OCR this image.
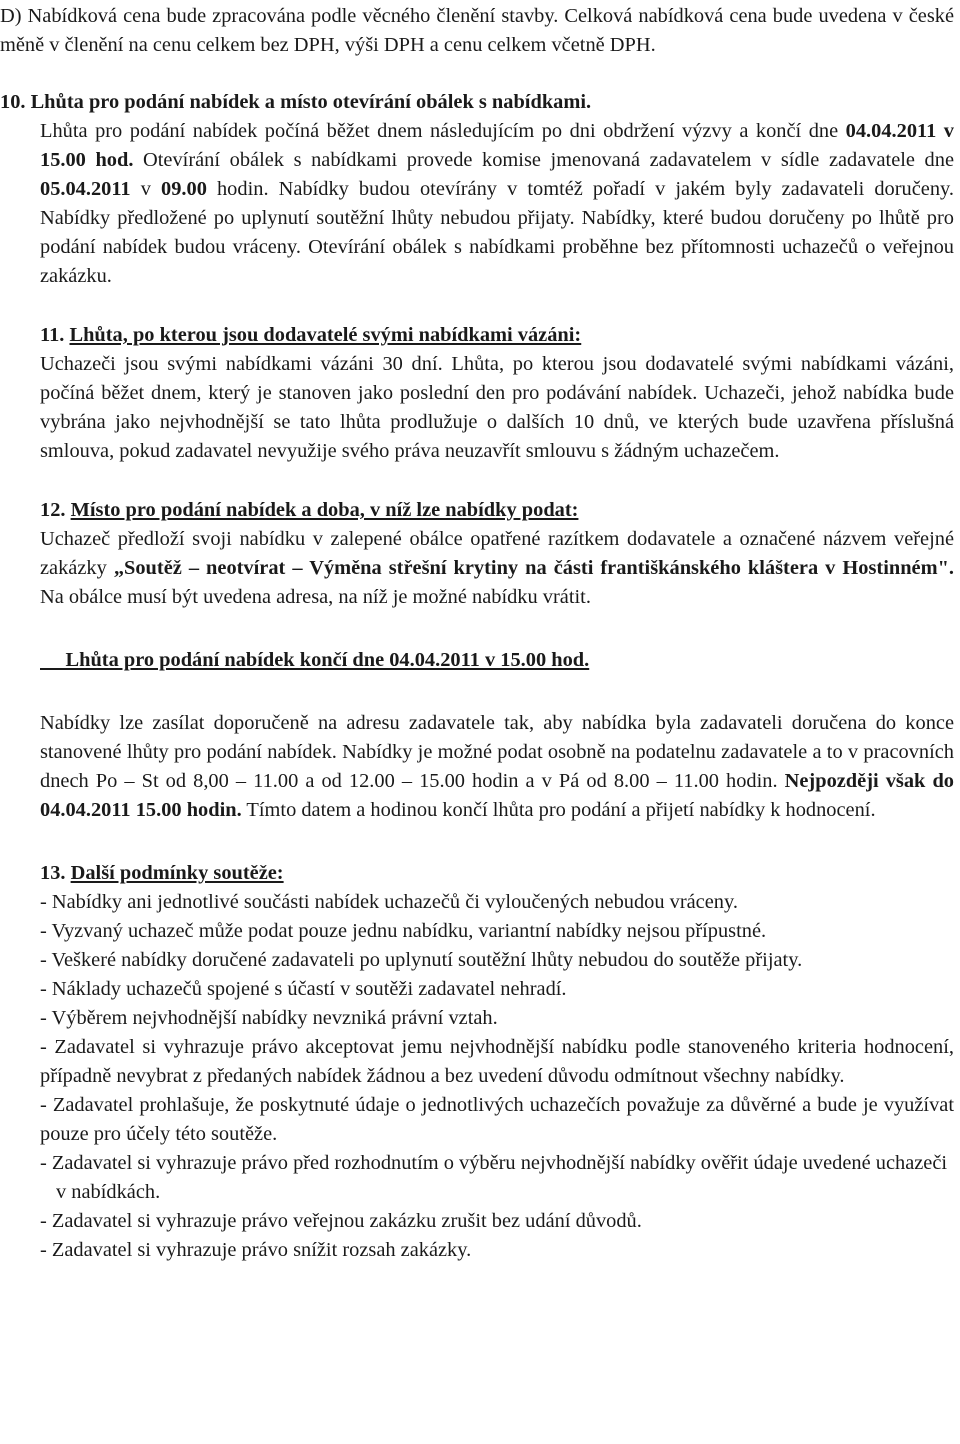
D) Nabídková cena bude zpracována podle věcného členění stavby. Celková nabídková cena bude uvedena v české měně v členění na cenu celkem bez DPH, výši DPH a cenu celkem včetně DPH.

10. Lhůta pro podání nabídek a místo otevírání obálek s nabídkami.

Lhůta pro podání nabídek počíná běžet dnem následujícím po dni obdržení výzvy a končí dne 04.04.2011 v 15.00 hod. Otevírání obálek s nabídkami provede komise jmenovaná zadavatelem v sídle zadavatele dne 05.04.2011 v 09.00 hodin. Nabídky budou otevírány v tomtéž pořadí v jakém byly zadavateli doručeny. Nabídky předložené po uplynutí soutěžní lhůty nebudou přijaty. Nabídky, které budou doručeny po lhůtě pro podání nabídek budou vráceny. Otevírání obálek s nabídkami proběhne bez přítomnosti uchazečů o veřejnou zakázku.

11. Lhůta, po kterou jsou dodavatelé svými nabídkami vázáni:

Uchazeči jsou svými nabídkami vázáni 30 dní. Lhůta, po kterou jsou dodavatelé svými nabídkami vázáni, počíná běžet dnem, který je stanoven jako poslední den pro podávání nabídek. Uchazeči, jehož nabídka bude vybrána jako nejvhodnější se tato lhůta prodlužuje o dalších 10 dnů, ve kterých bude uzavřena příslušná smlouva, pokud zadavatel nevyužije svého práva neuzavřít smlouvu s žádným uchazečem.

12. Místo pro podání nabídek a doba, v níž lze nabídky podat:

Uchazeč předloží svoji nabídku v zalepené obálce opatřené razítkem dodavatele a označené názvem veřejné zakázky „Soutěž – neotvírat – Výměna střešní krytiny na části františkánského kláštera v Hostinném". Na obálce musí být uvedena adresa, na níž je možné nabídku vrátit.

Lhůta pro podání nabídek končí dne 04.04.2011 v 15.00 hod.

Nabídky lze zasílat doporučeně na adresu zadavatele tak, aby nabídka byla zadavateli doručena do konce stanovené lhůty pro podání nabídek. Nabídky je možné podat osobně na podatelnu zadavatele a to v pracovních dnech Po – St od 8,00 – 11.00 a od 12.00 – 15.00 hodin a v Pá od 8.00 – 11.00 hodin. Nejpozději však do 04.04.2011 15.00 hodin. Tímto datem a hodinou končí lhůta pro podání a přijetí nabídky k hodnocení.

13. Další podmínky soutěže:

- Nabídky ani jednotlivé součásti nabídek uchazečů či vyloučených nebudou vráceny.
- Vyzvaný uchazeč může podat pouze jednu nabídku, variantní nabídky nejsou přípustné.
- Veškeré nabídky doručené zadavateli po uplynutí soutěžní lhůty nebudou do soutěže přijaty.
- Náklady uchazečů spojené s účastí v soutěži zadavatel nehradí.
- Výběrem nejvhodnější nabídky nevzniká právní vztah.
- Zadavatel si vyhrazuje právo akceptovat jemu nejvhodnější nabídku podle stanoveného kriteria hodnocení, případně nevybrat z předaných nabídek žádnou a bez uvedení důvodu odmítnout všechny nabídky.
- Zadavatel prohlašuje, že poskytnuté údaje o jednotlivých uchazečích považuje za důvěrné a bude je využívat pouze pro účely této soutěže.
- Zadavatel si vyhrazuje právo před rozhodnutím o výběru nejvhodnější nabídky ověřit údaje uvedené uchazeči v nabídkách.
- Zadavatel si vyhrazuje právo veřejnou zakázku zrušit bez udání důvodů.
- Zadavatel si vyhrazuje právo snížit rozsah zakázky.
